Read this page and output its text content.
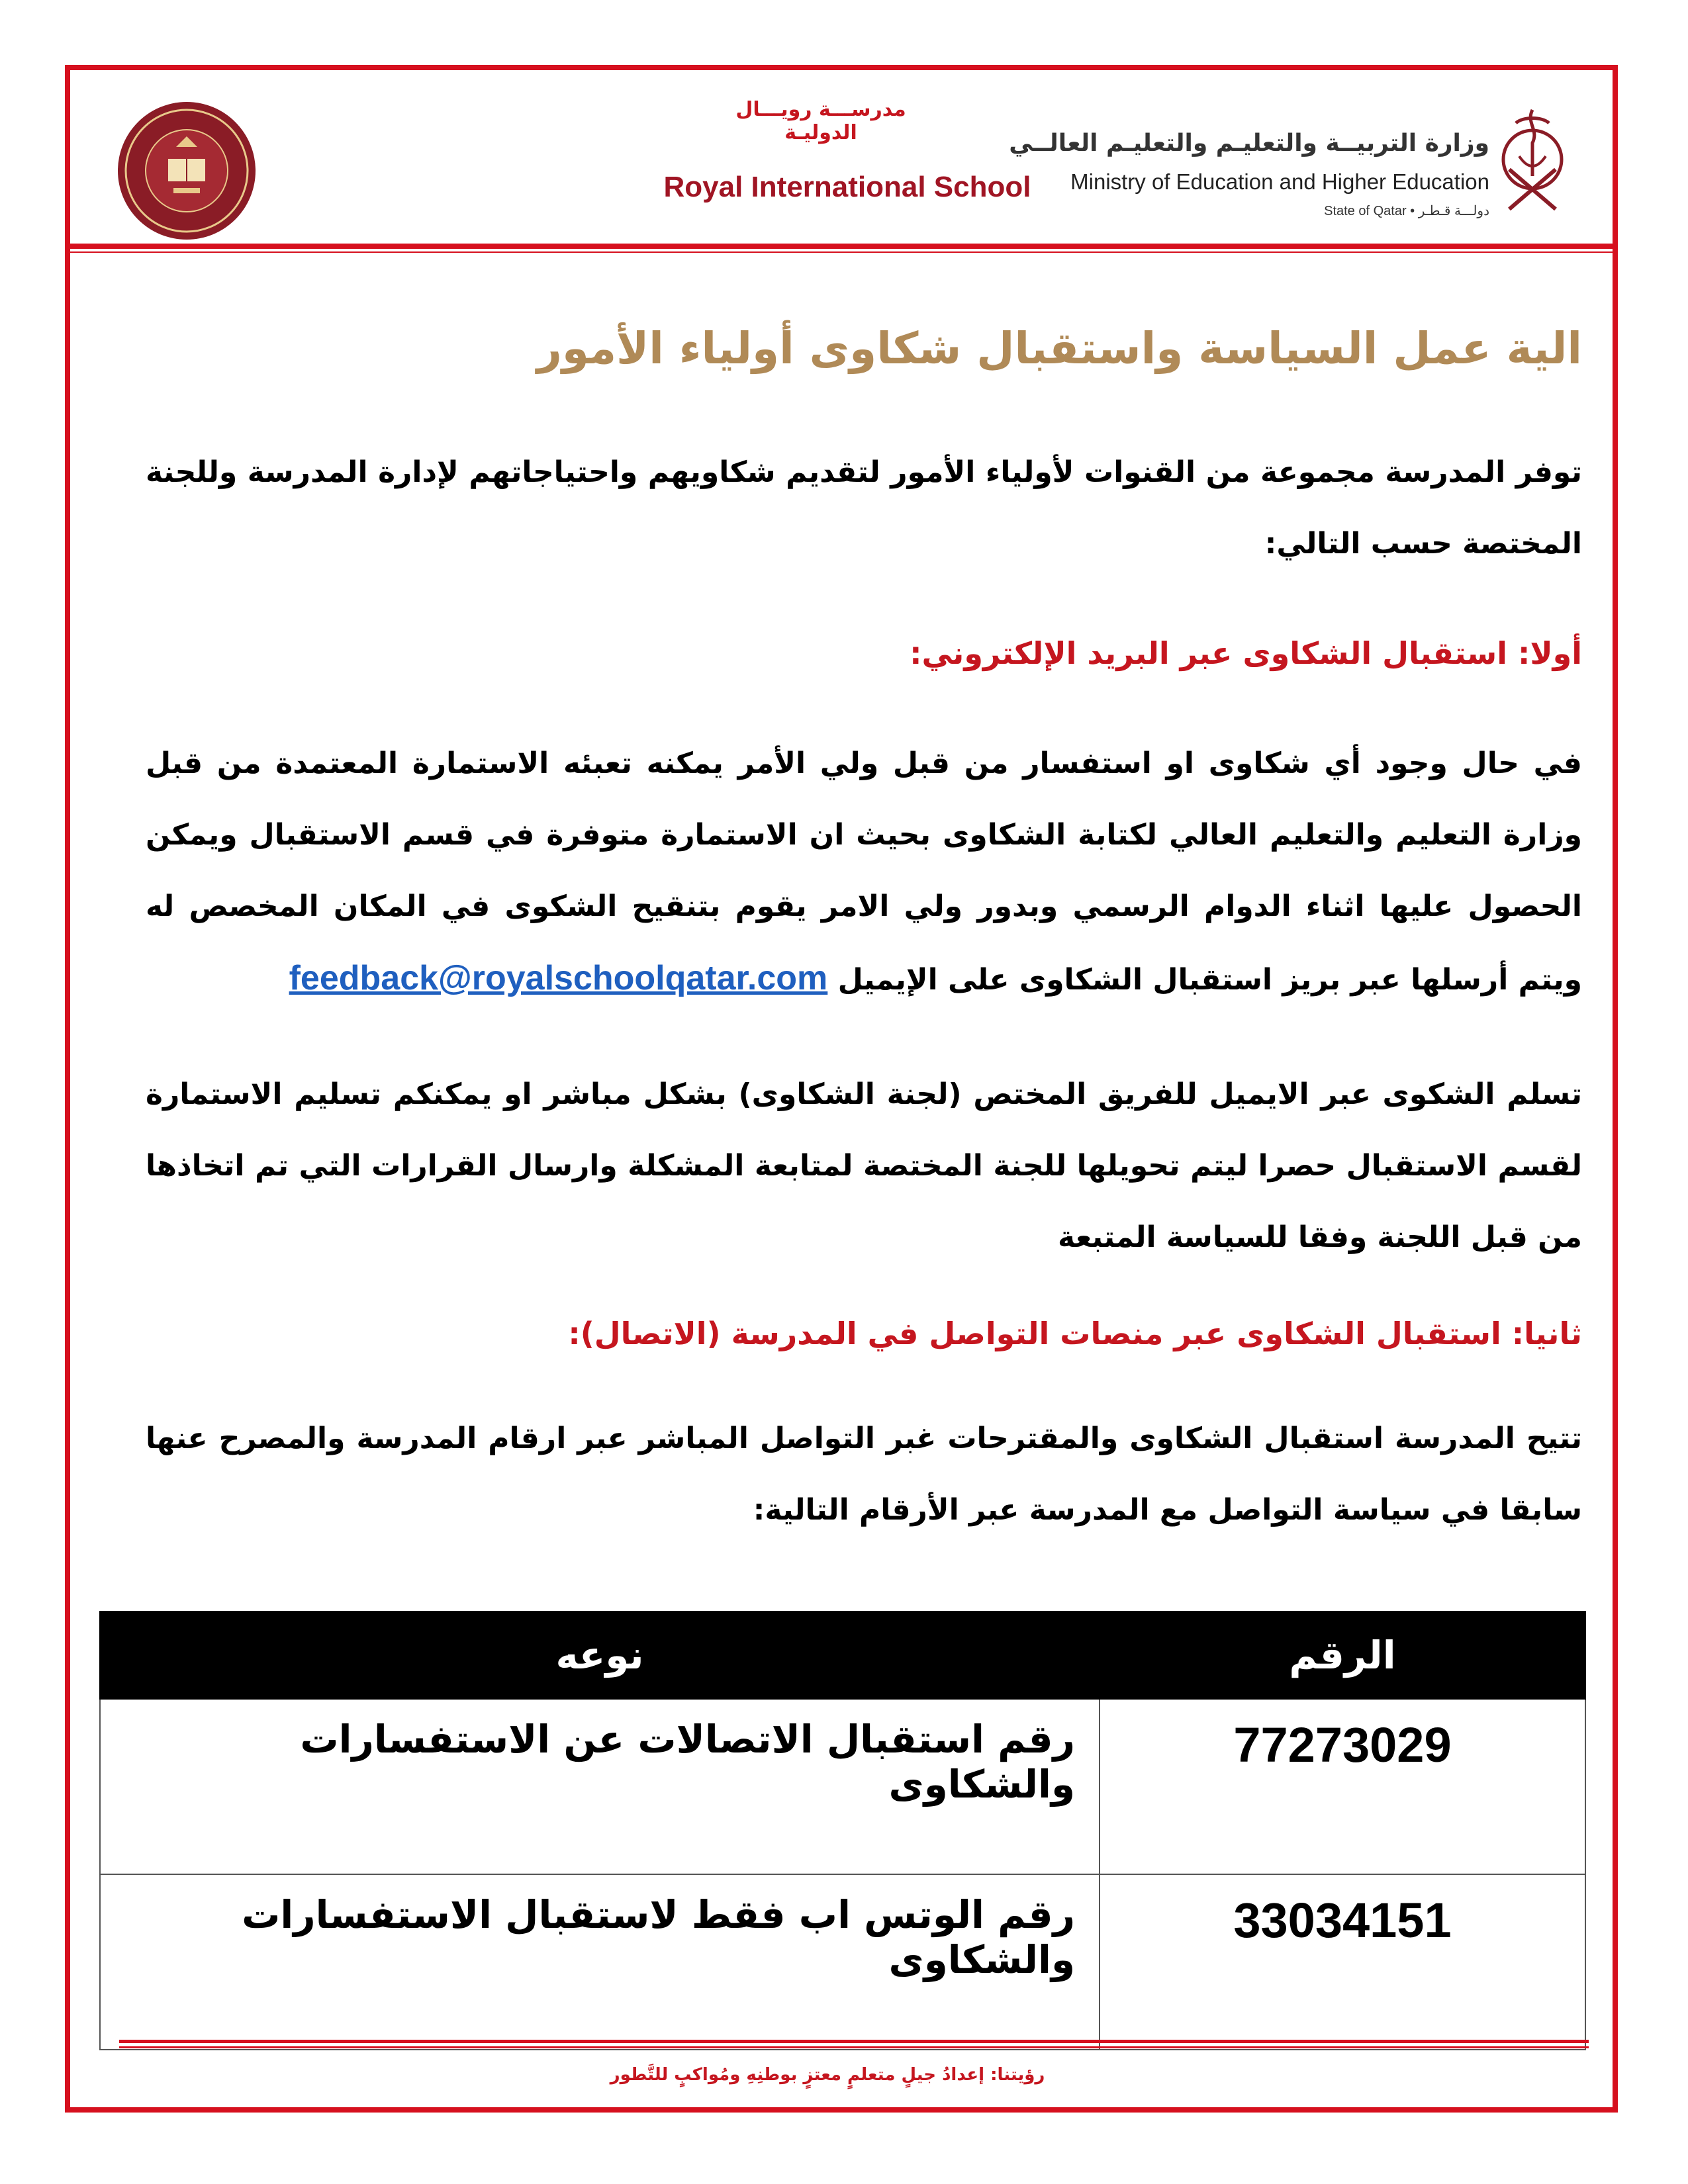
مدرســـة رويـــال الدوليـة
Royal International School
وزارة التربيــة والتعليـم والتعليـم العالــي
Ministry of Education and Higher Education
State of Qatar • دولـــة قـطـر
الية عمل السياسة واستقبال شكاوى أولياء الأمور
توفر المدرسة مجموعة من القنوات لأولياء الأمور لتقديم شكاويهم واحتياجاتهم لإدارة المدرسة وللجنة المختصة حسب التالي:
أولا: استقبال الشكاوى عبر البريد الإلكتروني:
في حال وجود أي شكاوى او استفسار من قبل ولي الأمر يمكنه تعبئه الاستمارة المعتمدة من قبل وزارة التعليم والتعليم العالي لكتابة الشكاوى بحيث ان الاستمارة متوفرة في قسم الاستقبال ويمكن الحصول عليها اثناء الدوام الرسمي وبدور ولي الامر يقوم بتنقيح الشكوى في المكان المخصص له ويتم أرسلها عبر بريز استقبال الشكاوى على الإيميل feedback@royalschoolqatar.com
تسلم الشكوى عبر الايميل للفريق المختص (لجنة الشكاوى) بشكل مباشر او يمكنكم تسليم الاستمارة لقسم الاستقبال حصرا ليتم تحويلها للجنة المختصة لمتابعة المشكلة وارسال القرارات التي تم اتخاذها من قبل اللجنة وفقا للسياسة المتبعة
ثانيا: استقبال الشكاوى عبر منصات التواصل في المدرسة (الاتصال):
تتيح المدرسة استقبال الشكاوى والمقترحات غبر التواصل المباشر عبر ارقام المدرسة والمصرح عنها سابقا في سياسة التواصل مع المدرسة عبر الأرقام التالية:
الرقم	نوعه
77273029	رقم استقبال الاتصالات عن الاستفسارات والشكاوى
33034151	رقم الوتس اب فقط لاستقبال الاستفسارات والشكاوى
رؤيتنا: إعدادُ جيلٍ متعلمٍ معتزٍ بوطنِهِ ومُواكبٍ للتَّطور
